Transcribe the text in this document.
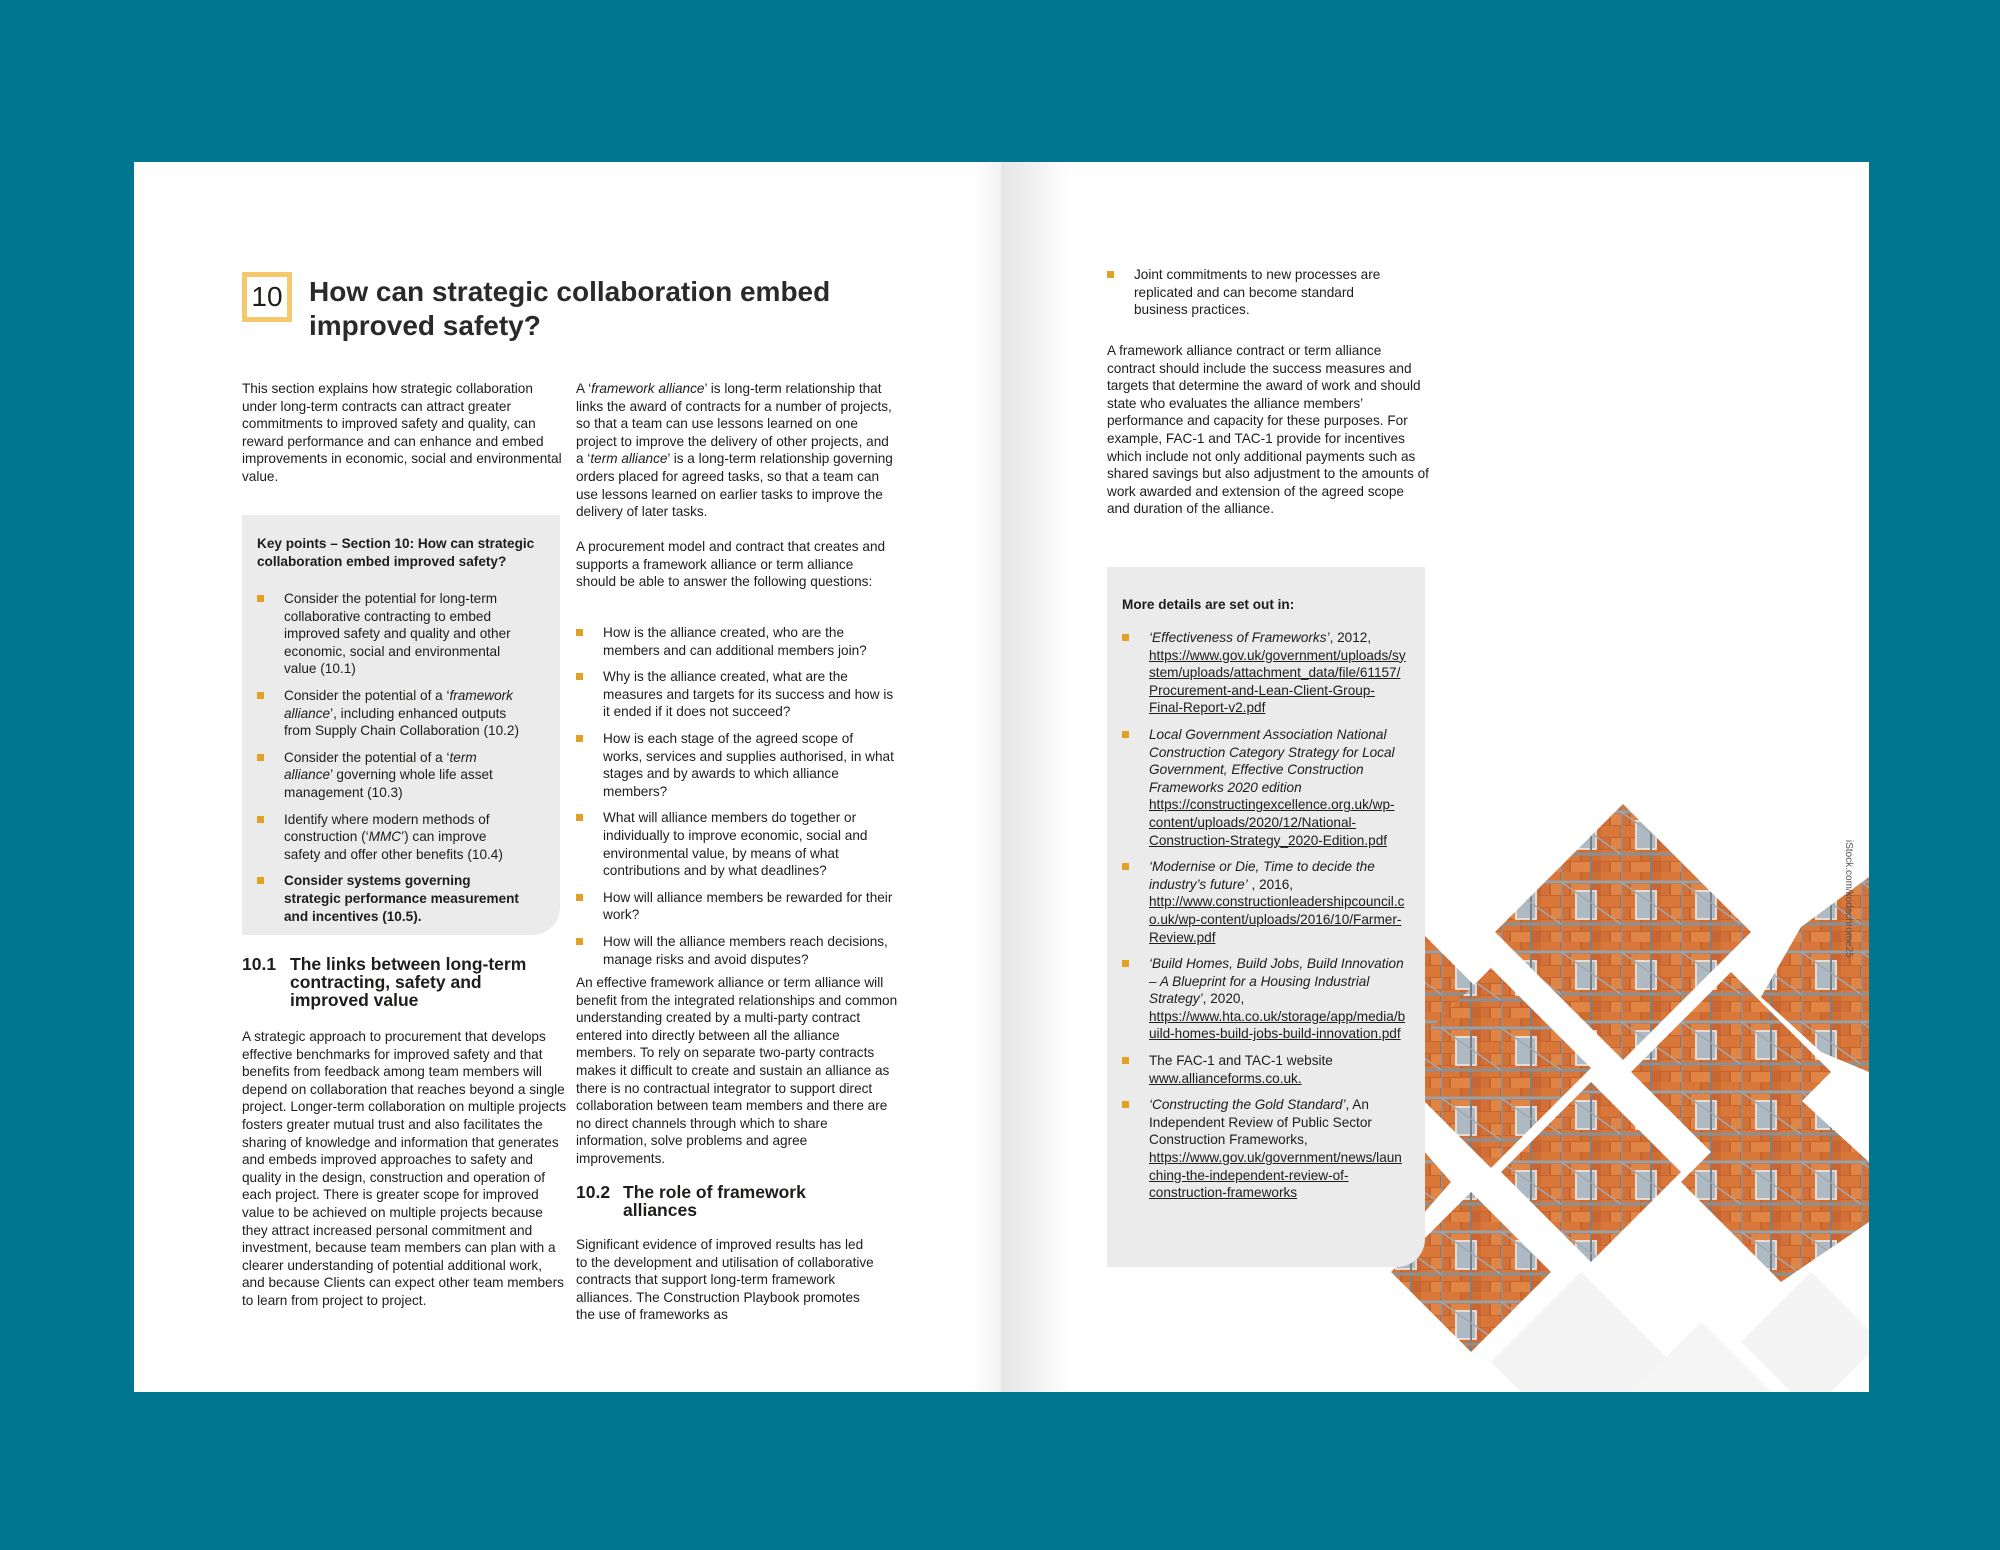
10 How can strategic collaboration embed improved safety?

This section explains how strategic collaboration under long-term contracts can attract greater commitments to improved safety and quality, can reward performance and can enhance and embed improvements in economic, social and environmental value.

Key points – Section 10: How can strategic collaboration embed improved safety?
Consider the potential for long-term collaborative contracting to embed improved safety and quality and other economic, social and environmental value (10.1)
Consider the potential of a ‘framework alliance’, including enhanced outputs from Supply Chain Collaboration (10.2)
Consider the potential of a ‘term alliance’ governing whole life asset management (10.3)
Identify where modern methods of construction (‘MMC’) can improve safety and offer other benefits (10.4)
Consider systems governing strategic performance measurement and incentives (10.5).
10.1 The links between long-term contracting, safety and improved value

A strategic approach to procurement that develops effective benchmarks for improved safety and that benefits from feedback among team members will depend on collaboration that reaches beyond a single project. Longer-term collaboration on multiple projects fosters greater mutual trust and also facilitates the sharing of knowledge and information that generates and embeds improved approaches to safety and quality in the design, construction and operation of each project. There is greater scope for improved value to be achieved on multiple projects because they attract increased personal commitment and investment, because team members can plan with a clearer understanding of potential additional work, and because Clients can expect other team members to learn from project to project.

A ‘framework alliance’ is long-term relationship that links the award of contracts for a number of projects, so that a team can use lessons learned on one project to improve the delivery of other projects, and a ‘term alliance’ is a long-term relationship governing orders placed for agreed tasks, so that a team can use lessons learned on earlier tasks to improve the delivery of later tasks.

A procurement model and contract that creates and supports a framework alliance or term alliance should be able to answer the following questions:

How is the alliance created, who are the members and can additional members join?
Why is the alliance created, what are the measures and targets for its success and how is it ended if it does not succeed?
How is each stage of the agreed scope of works, services and supplies authorised, in what stages and by awards to which alliance members?
What will alliance members do together or individually to improve economic, social and environmental value, by means of what contributions and by what deadlines?
How will alliance members be rewarded for their work?
How will the alliance members reach decisions, manage risks and avoid disputes?

An effective framework alliance or term alliance will benefit from the integrated relationships and common understanding created by a multi-party contract entered into directly between all the alliance members. To rely on separate two-party contracts makes it difficult to create and sustain an alliance as there is no contractual integrator to support direct collaboration between team members and there are no direct channels through which to share information, solve problems and agree improvements.

10.2 The role of framework alliances

Significant evidence of improved results has led to the development and utilisation of collaborative contracts that support long-term framework alliances. The Construction Playbook promotes the use of frameworks as

Joint commitments to new processes are replicated and can become standard business practices.

A framework alliance contract or term alliance contract should include the success measures and targets that determine the award of work and should state who evaluates the alliance members’ performance and capacity for these purposes. For example, FAC-1 and TAC-1 provide for incentives which include not only additional payments such as shared savings but also adjustment to the amounts of work awarded and extension of the agreed scope and duration of the alliance.

More details are set out in:
‘Effectiveness of Frameworks’, 2012, https://www.gov.uk/government/uploads/system/uploads/attachment_data/file/61157/Procurement-and-Lean-Client-Group-Final-Report-v2.pdf
Local Government Association National Construction Category Strategy for Local Government, Effective Construction Frameworks 2020 edition https://constructingexcellence.org.uk/wp-content/uploads/2020/12/National-Construction-Strategy_2020-Edition.pdf
‘Modernise or Die, Time to decide the industry’s future’ , 2016, http://www.constructionleadershipcouncil.co.uk/wp-content/uploads/2016/10/Farmer-Review.pdf
‘Build Homes, Build Jobs, Build Innovation – A Blueprint for a Housing Industrial Strategy’, 2020, https://www.hta.co.uk/storage/app/media/build-homes-build-jobs-build-innovation.pdf
The FAC-1 and TAC-1 website www.allianceforms.co.uk.
‘Constructing the Gold Standard’, An Independent Review of Public Sector Construction Frameworks, https://www.gov.uk/government/news/launching-the-independent-review-of-construction-frameworks
iStock.com/kodachrome25
